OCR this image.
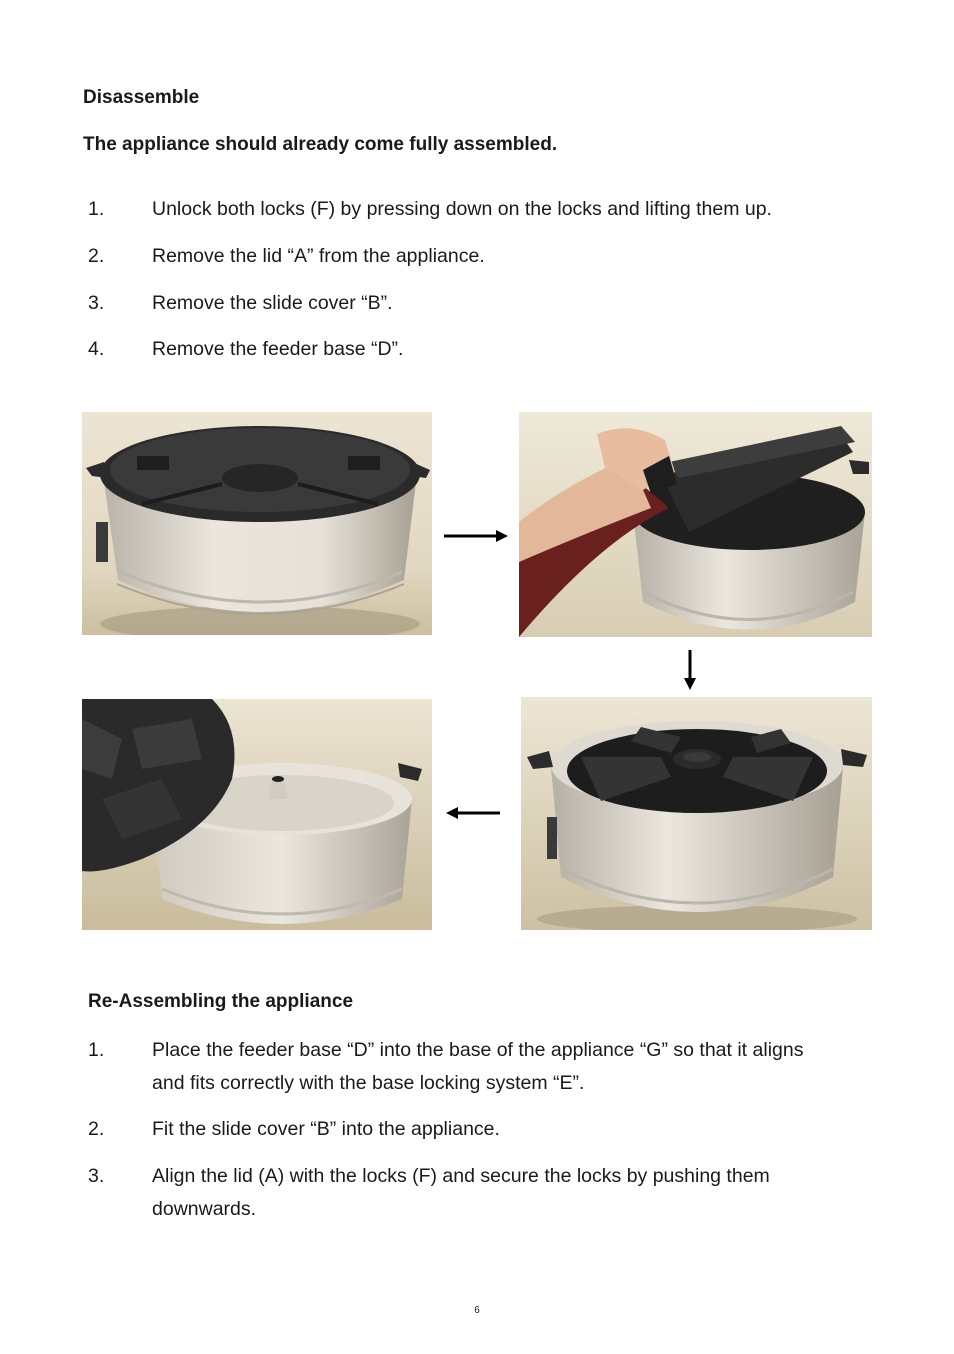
Disassemble
The appliance should already come fully assembled.
1. Unlock both locks (F) by pressing down on the locks and lifting them up.
2. Remove the lid “A” from the appliance.
3. Remove the slide cover “B”.
4. Remove the feeder base “D”.
Re-Assembling the appliance
1. Place the feeder base “D” into the base of the appliance “G” so that it aligns
and fits correctly with the base locking system “E”.
2. Fit the slide cover “B” into the appliance.
3. Align the lid (A) with the locks (F) and secure the locks by pushing them
downwards.
6
